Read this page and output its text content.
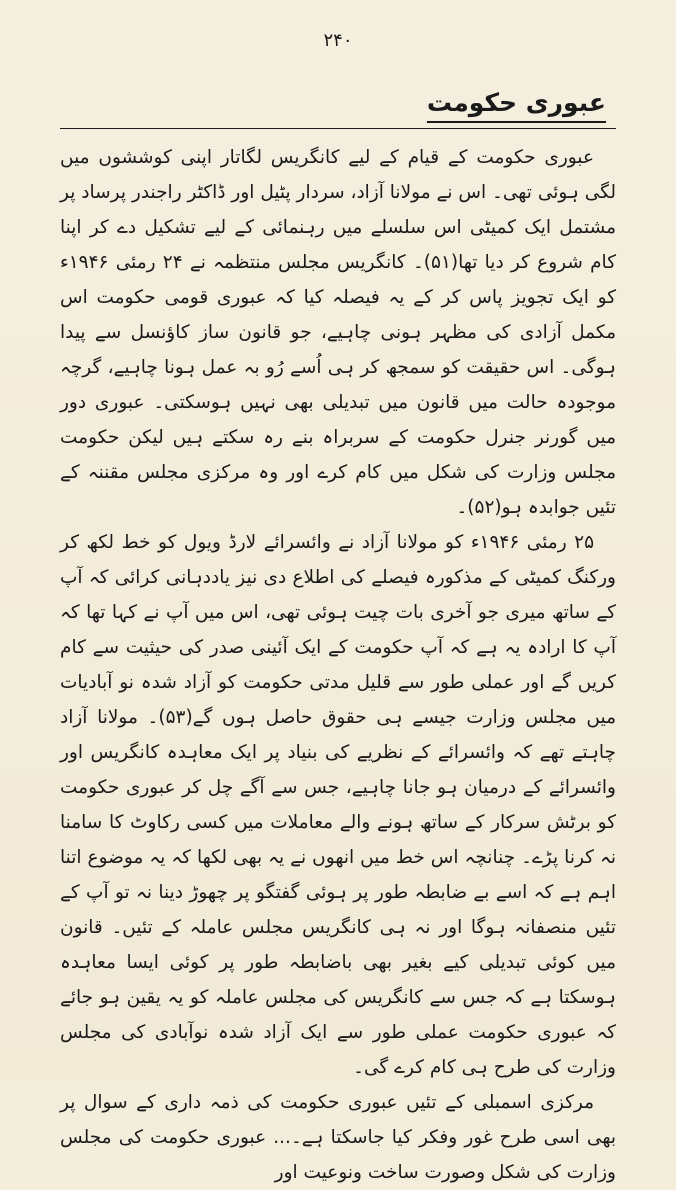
۲۴۰
عبوری حکومت

عبوری حکومت کے قیام کے لیے کانگریس لگاتار اپنی کوششوں میں لگی ہوئی تھی۔ اس نے مولانا آزاد، سردار پٹیل اور ڈاکٹر راجندر پرساد پر مشتمل ایک کمیٹی اس سلسلے میں رہنمائی کے لیے تشکیل دے کر اپنا کام شروع کر دیا تھا(۵۱)۔ کانگریس مجلس منتظمہ نے ۲۴ رمئی ۱۹۴۶ء کو ایک تجویز پاس کر کے یہ فیصلہ کیا کہ عبوری قومی حکومت اس مکمل آزادی کی مظہر ہونی چاہیے، جو قانون ساز کاؤنسل سے پیدا ہوگی۔ اس حقیقت کو سمجھ کر ہی اُسے رُو بہ عمل ہونا چاہیے، گرچہ موجودہ حالت میں قانون میں تبدیلی بھی نہیں ہوسکتی۔ عبوری دور میں گورنر جنرل حکومت کے سربراہ بنے رہ سکتے ہیں لیکن حکومت مجلس وزارت کی شکل میں کام کرے اور وہ مرکزی مجلس مقننہ کے تئیں جوابدہ ہو(۵۲)۔

۲۵ رمئی ۱۹۴۶ء کو مولانا آزاد نے وائسرائے لارڈ ویول کو خط لکھ کر ورکنگ کمیٹی کے مذکورہ فیصلے کی اطلاع دی نیز یاددہانی کرائی کہ آپ کے ساتھ میری جو آخری بات چیت ہوئی تھی، اس میں آپ نے کہا تھا کہ آپ کا ارادہ یہ ہے کہ آپ حکومت کے ایک آئینی صدر کی حیثیت سے کام کریں گے اور عملی طور سے قلیل مدتی حکومت کو آزاد شدہ نو آبادیات میں مجلس وزارت جیسے ہی حقوق حاصل ہوں گے(۵۳)۔ مولانا آزاد چاہتے تھے کہ وائسرائے کے نظریے کی بنیاد پر ایک معاہدہ کانگریس اور وائسرائے کے درمیان ہو جانا چاہیے، جس سے آگے چل کر عبوری حکومت کو برٹش سرکار کے ساتھ ہونے والے معاملات میں کسی رکاوٹ کا سامنا نہ کرنا پڑے۔ چنانچہ اس خط میں انھوں نے یہ بھی لکھا کہ یہ موضوع اتنا اہم ہے کہ اسے بے ضابطہ طور پر ہوئی گفتگو پر چھوڑ دینا نہ تو آپ کے تئیں منصفانہ ہوگا اور نہ ہی کانگریس مجلس عاملہ کے تئیں۔ قانون میں کوئی تبدیلی کیے بغیر بھی باضابطہ طور پر کوئی ایسا معاہدہ ہوسکتا ہے کہ جس سے کانگریس کی مجلس عاملہ کو یہ یقین ہو جائے کہ عبوری حکومت عملی طور سے ایک آزاد شدہ نوآبادی کی مجلس وزارت کی طرح ہی کام کرے گی۔

مرکزی اسمبلی کے تئیں عبوری حکومت کی ذمہ داری کے سوال پر بھی اسی طرح غور وفکر کیا جاسکتا ہے۔... عبوری حکومت کی مجلس وزارت کی شکل وصورت ساخت ونوعیت اور
